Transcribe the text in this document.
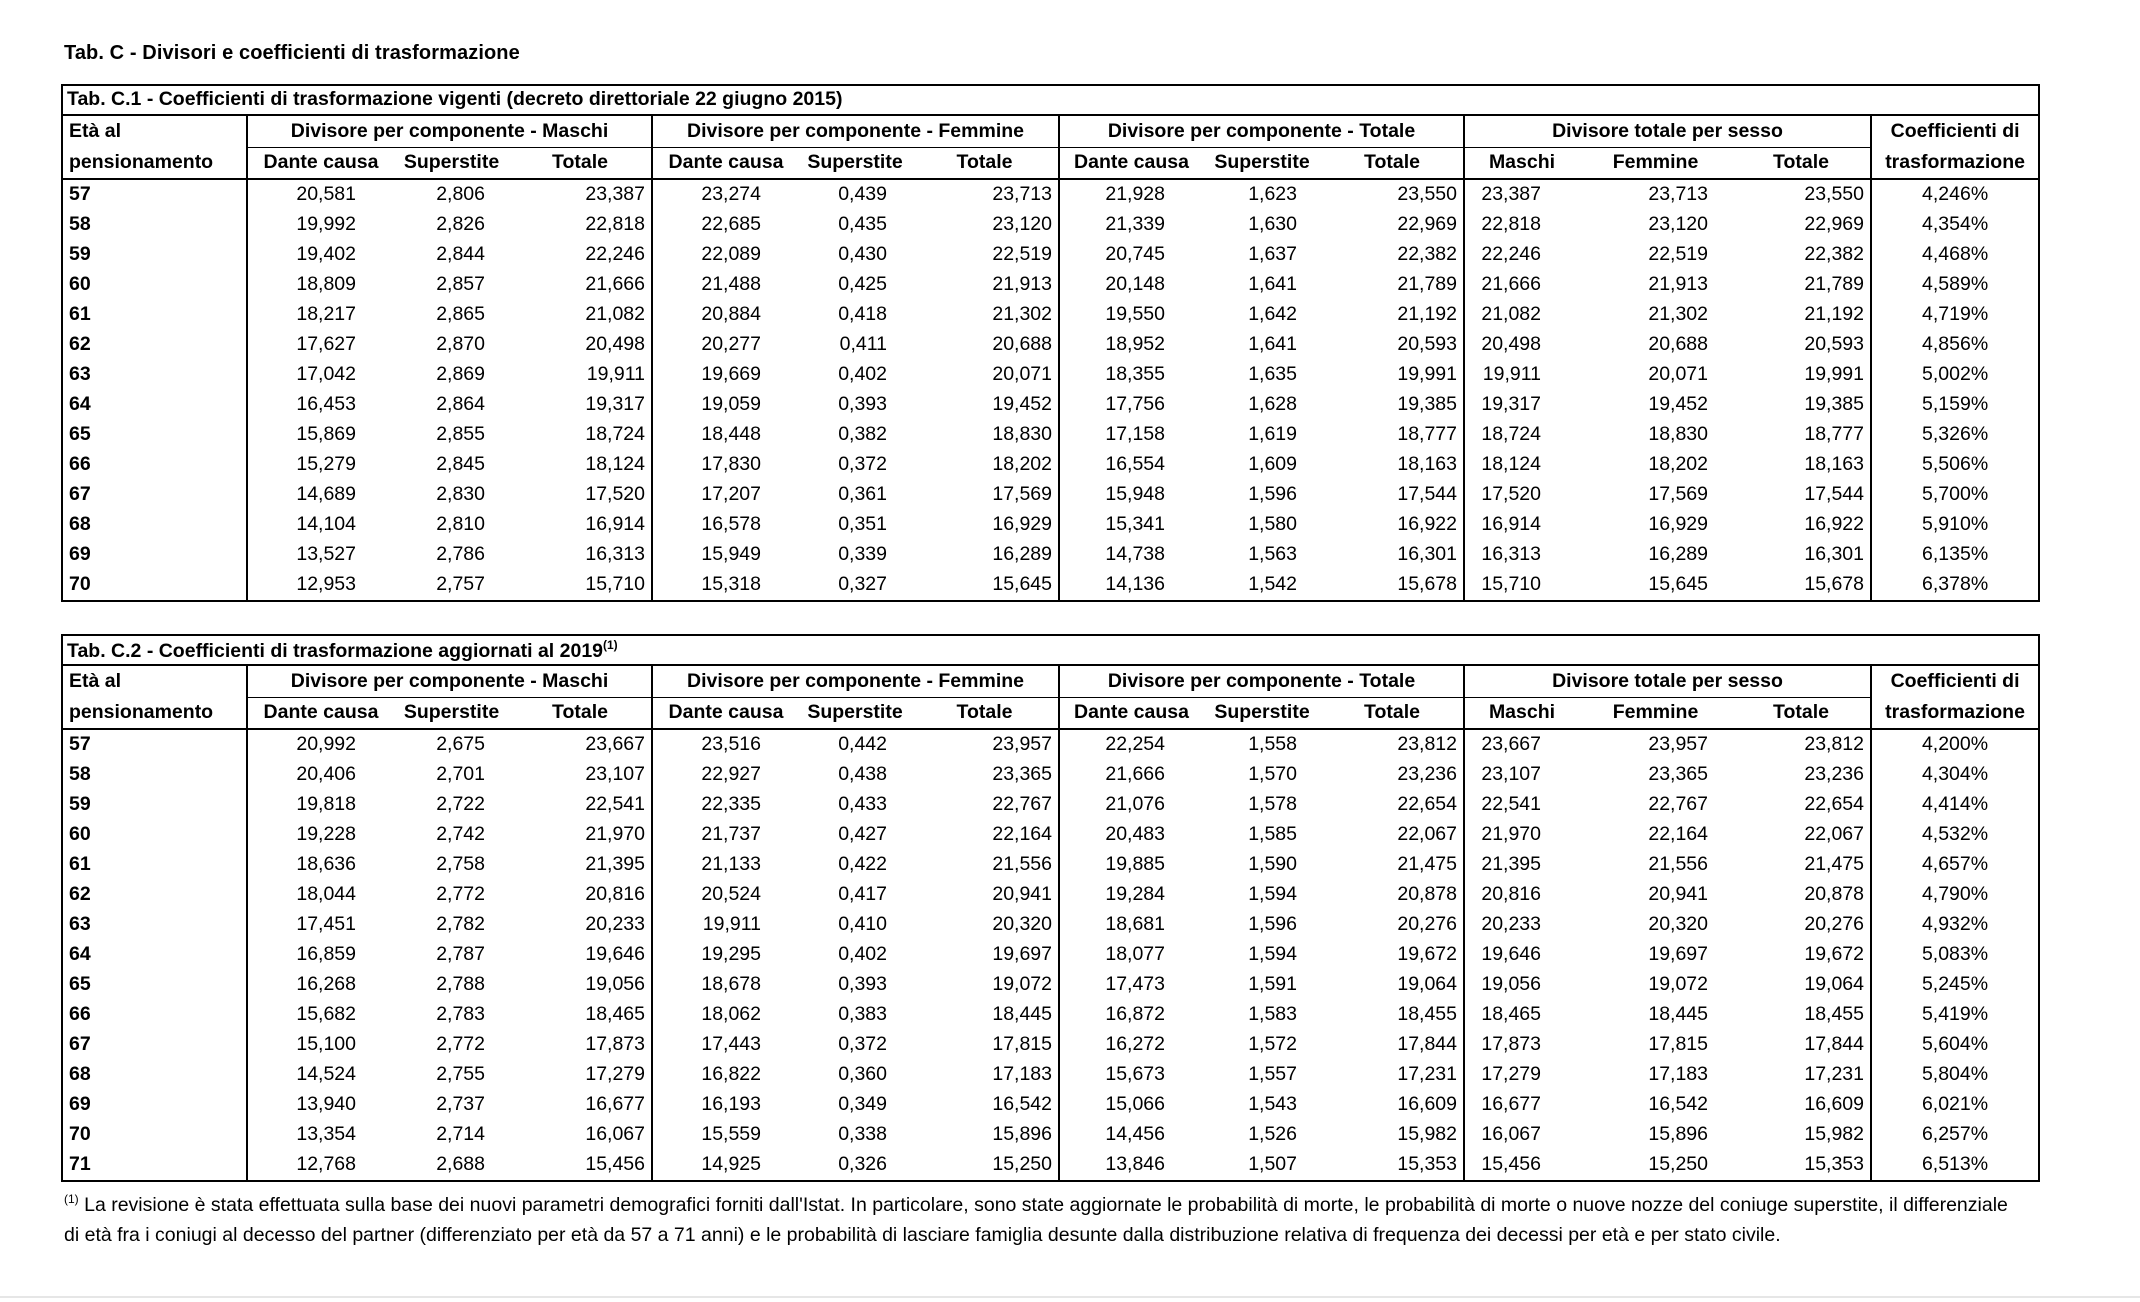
Tab. C - Divisori e coefficienti di trasformazione
Tab. C.1 - Coefficienti di trasformazione vigenti (decreto direttoriale 22 giugno 2015)													
Età al	Divisore per componente - Maschi			Divisore per componente - Femmine			Divisore per componente - Totale			Divisore totale per sesso			Coefficienti di
pensionamento	Dante causa	Superstite	Totale	Dante causa	Superstite	Totale	Dante causa	Superstite	Totale	Maschi	Femmine	Totale	trasformazione
57	20,581	2,806	23,387	23,274	0,439	23,713	21,928	1,623	23,550	23,387	23,713	23,550	4,246%
58	19,992	2,826	22,818	22,685	0,435	23,120	21,339	1,630	22,969	22,818	23,120	22,969	4,354%
59	19,402	2,844	22,246	22,089	0,430	22,519	20,745	1,637	22,382	22,246	22,519	22,382	4,468%
60	18,809	2,857	21,666	21,488	0,425	21,913	20,148	1,641	21,789	21,666	21,913	21,789	4,589%
61	18,217	2,865	21,082	20,884	0,418	21,302	19,550	1,642	21,192	21,082	21,302	21,192	4,719%
62	17,627	2,870	20,498	20,277	0,411	20,688	18,952	1,641	20,593	20,498	20,688	20,593	4,856%
63	17,042	2,869	19,911	19,669	0,402	20,071	18,355	1,635	19,991	19,911	20,071	19,991	5,002%
64	16,453	2,864	19,317	19,059	0,393	19,452	17,756	1,628	19,385	19,317	19,452	19,385	5,159%
65	15,869	2,855	18,724	18,448	0,382	18,830	17,158	1,619	18,777	18,724	18,830	18,777	5,326%
66	15,279	2,845	18,124	17,830	0,372	18,202	16,554	1,609	18,163	18,124	18,202	18,163	5,506%
67	14,689	2,830	17,520	17,207	0,361	17,569	15,948	1,596	17,544	17,520	17,569	17,544	5,700%
68	14,104	2,810	16,914	16,578	0,351	16,929	15,341	1,580	16,922	16,914	16,929	16,922	5,910%
69	13,527	2,786	16,313	15,949	0,339	16,289	14,738	1,563	16,301	16,313	16,289	16,301	6,135%
70	12,953	2,757	15,710	15,318	0,327	15,645	14,136	1,542	15,678	15,710	15,645	15,678	6,378%
Tab. C.2 - Coefficienti di trasformazione aggiornati al 2019$^{(1)}$
Età al	Divisore per componente - Maschi			Divisore per componente - Femmine			Divisore per componente - Totale			Divisore totale per sesso			Coefficienti di
pensionamento	Dante causa	Superstite	Totale	Dante causa	Superstite	Totale	Dante causa	Superstite	Totale	Maschi	Femmine	Totale	trasformazione
57	20,992	2,675	23,667	23,516	0,442	23,957	22,254	1,558	23,812	23,667	23,957	23,812	4,200%
58	20,406	2,701	23,107	22,927	0,438	23,365	21,666	1,570	23,236	23,107	23,365	23,236	4,304%
59	19,818	2,722	22,541	22,335	0,433	22,767	21,076	1,578	22,654	22,541	22,767	22,654	4,414%
60	19,228	2,742	21,970	21,737	0,427	22,164	20,483	1,585	22,067	21,970	22,164	22,067	4,532%
61	18,636	2,758	21,395	21,133	0,422	21,556	19,885	1,590	21,475	21,395	21,556	21,475	4,657%
62	18,044	2,772	20,816	20,524	0,417	20,941	19,284	1,594	20,878	20,816	20,941	20,878	4,790%
63	17,451	2,782	20,233	19,911	0,410	20,320	18,681	1,596	20,276	20,233	20,320	20,276	4,932%
64	16,859	2,787	19,646	19,295	0,402	19,697	18,077	1,594	19,672	19,646	19,697	19,672	5,083%
65	16,268	2,788	19,056	18,678	0,393	19,072	17,473	1,591	19,064	19,056	19,072	19,064	5,245%
66	15,682	2,783	18,465	18,062	0,383	18,445	16,872	1,583	18,455	18,465	18,445	18,455	5,419%
67	15,100	2,772	17,873	17,443	0,372	17,815	16,272	1,572	17,844	17,873	17,815	17,844	5,604%
68	14,524	2,755	17,279	16,822	0,360	17,183	15,673	1,557	17,231	17,279	17,183	17,231	5,804%
69	13,940	2,737	16,677	16,193	0,349	16,542	15,066	1,543	16,609	16,677	16,542	16,609	6,021%
70	13,354	2,714	16,067	15,559	0,338	15,896	14,456	1,526	15,982	16,067	15,896	15,982	6,257%
71	12,768	2,688	15,456	14,925	0,326	15,250	13,846	1,507	15,353	15,456	15,250	15,353	6,513%
$^{(1)}$ La revisione è stata effettuata sulla base dei nuovi parametri demografici forniti dall'Istat. In particolare, sono state aggiornate le probabilità di morte, le probabilità di morte o nuove nozze del coniuge superstite, il differenziale di età fra i coniugi al decesso del partner (differenziato per età da 57 a 71 anni) e le probabilità di lasciare famiglia desunte dalla distribuzione relativa di frequenza dei decessi per età e per stato civile.
